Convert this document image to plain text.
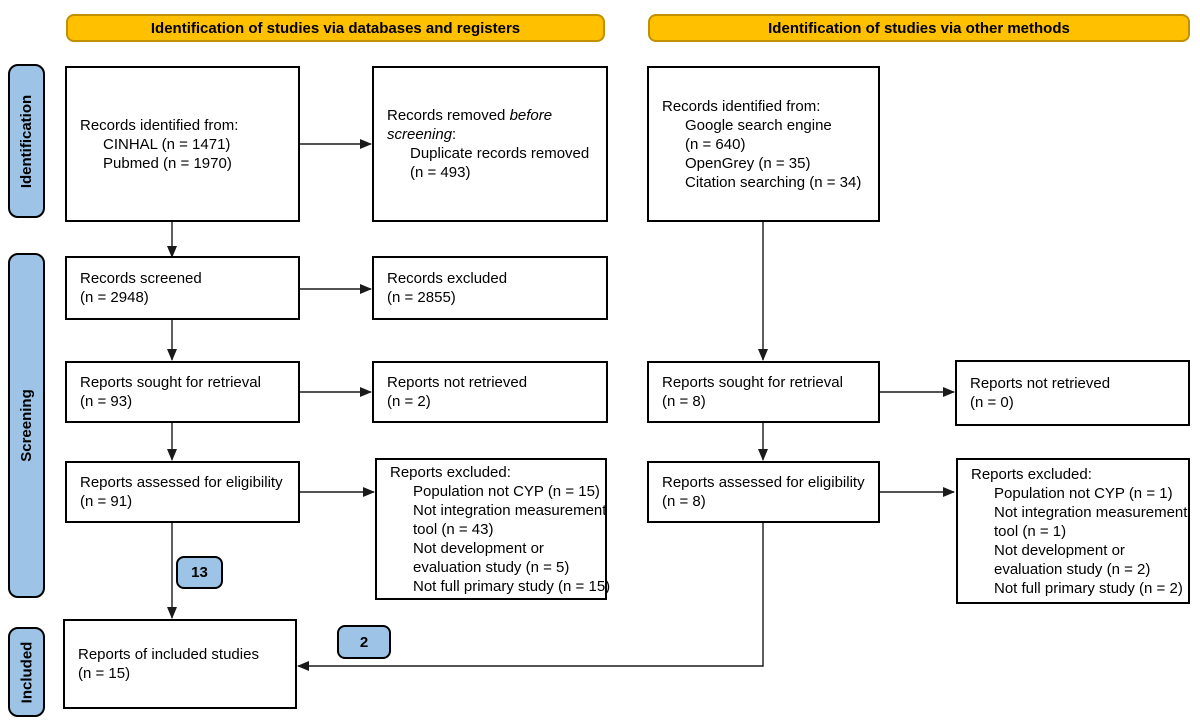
Identification of studies via databases and registers	Identification of studies via other methods
Identification
Screening
Included
Records identified from:
CINHAL (n = 1471)
Pubmed (n = 1970)
Records removed before
screening:
Duplicate records removed
(n = 493)
Records identified from:
Google search engine
(n = 640)
OpenGrey (n = 35)
Citation searching (n = 34)
Records screened
(n = 2948)
Records excluded
(n = 2855)
Reports sought for retrieval
(n = 93)
Reports not retrieved
(n = 2)
Reports sought for retrieval
(n = 8)
Reports not retrieved
(n = 0)
Reports assessed for eligibility
(n = 91)
Reports excluded:
Population not CYP (n = 15)
Not integration measurement
tool (n = 43)
Not development or
evaluation study (n = 5)
Not full primary study (n = 15)
Reports assessed for eligibility
(n = 8)
Reports excluded:
Population not CYP (n = 1)
Not integration measurement
tool (n = 1)
Not development or
evaluation study (n = 2)
Not full primary study (n = 2)
13
2
Reports of included studies
(n = 15)
